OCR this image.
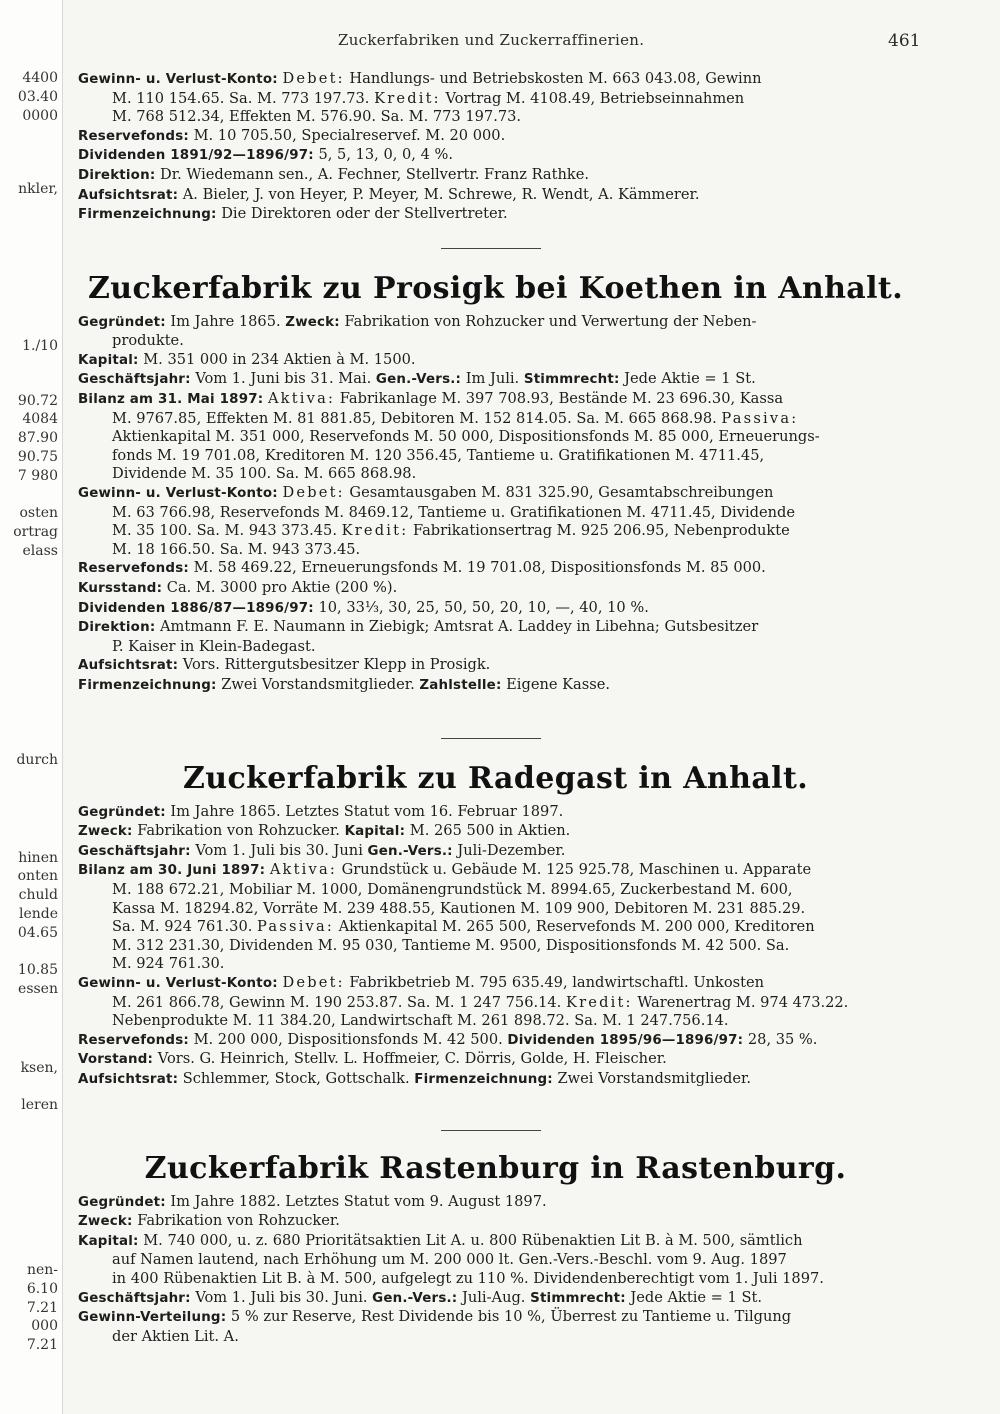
4400
03.40
0000
nkler,
1./10
90.72
4084
87.90
90.75
7 980
osten
ortrag
elass
durch
hinen
onten
chuld
lende
04.65
10.85
essen
ksen,
leren
nen-
6.10
7.21
000
7.21
Zuckerfabriken und Zuckerraffinerien.	461

Gewinn- u. Verlust-Konto: Debet: Handlungs- und Betriebskosten M. 663 043.08, Gewinn
M. 110 154.65. Sa. M. 773 197.73. Kredit: Vortrag M. 4108.49, Betriebseinnahmen
M. 768 512.34, Effekten M. 576.90. Sa. M. 773 197.73.

Reservefonds: M. 10 705.50, Specialreservef. M. 20 000.

Dividenden 1891/92—1896/97: 5, 5, 13, 0, 0, 4 %.

Direktion: Dr. Wiedemann sen., A. Fechner, Stellvertr. Franz Rathke.

Aufsichtsrat: A. Bieler, J. von Heyer, P. Meyer, M. Schrewe, R. Wendt, A. Kämmerer.

Firmenzeichnung: Die Direktoren oder der Stellvertreter.

Zuckerfabrik zu Prosigk bei Koethen in Anhalt.

Gegründet: Im Jahre 1865. Zweck: Fabrikation von Rohzucker und Verwertung der Neben-
produkte.

Kapital: M. 351 000 in 234 Aktien à M. 1500.

Geschäftsjahr: Vom 1. Juni bis 31. Mai. Gen.-Vers.: Im Juli. Stimmrecht: Jede Aktie = 1 St.

Bilanz am 31. Mai 1897: Aktiva: Fabrikanlage M. 397 708.93, Bestände M. 23 696.30, Kassa
M. 9767.85, Effekten M. 81 881.85, Debitoren M. 152 814.05. Sa. M. 665 868.98. Passiva:
Aktienkapital M. 351 000, Reservefonds M. 50 000, Dispositionsfonds M. 85 000, Erneuerungs-
fonds M. 19 701.08, Kreditoren M. 120 356.45, Tantieme u. Gratifikationen M. 4711.45,
Dividende M. 35 100. Sa. M. 665 868.98.

Gewinn- u. Verlust-Konto: Debet: Gesamtausgaben M. 831 325.90, Gesamtabschreibungen
M. 63 766.98, Reservefonds M. 8469.12, Tantieme u. Gratifikationen M. 4711.45, Dividende
M. 35 100. Sa. M. 943 373.45. Kredit: Fabrikationsertrag M. 925 206.95, Nebenprodukte
M. 18 166.50. Sa. M. 943 373.45.

Reservefonds: M. 58 469.22, Erneuerungsfonds M. 19 701.08, Dispositionsfonds M. 85 000.

Kursstand: Ca. M. 3000 pro Aktie (200 %).

Dividenden 1886/87—1896/97: 10, 33⅓, 30, 25, 50, 50, 20, 10, —, 40, 10 %.

Direktion: Amtmann F. E. Naumann in Ziebigk; Amtsrat A. Laddey in Libehna; Gutsbesitzer
P. Kaiser in Klein-Badegast.

Aufsichtsrat: Vors. Rittergutsbesitzer Klepp in Prosigk.

Firmenzeichnung: Zwei Vorstandsmitglieder. Zahlstelle: Eigene Kasse.

Zuckerfabrik zu Radegast in Anhalt.

Gegründet: Im Jahre 1865. Letztes Statut vom 16. Februar 1897.

Zweck: Fabrikation von Rohzucker. Kapital: M. 265 500 in Aktien.

Geschäftsjahr: Vom 1. Juli bis 30. Juni Gen.-Vers.: Juli-Dezember.

Bilanz am 30. Juni 1897: Aktiva: Grundstück u. Gebäude M. 125 925.78, Maschinen u. Apparate
M. 188 672.21, Mobiliar M. 1000, Domänengrundstück M. 8994.65, Zuckerbestand M. 600,
Kassa M. 18294.82, Vorräte M. 239 488.55, Kautionen M. 109 900, Debitoren M. 231 885.29.
Sa. M. 924 761.30. Passiva: Aktienkapital M. 265 500, Reservefonds M. 200 000, Kreditoren
M. 312 231.30, Dividenden M. 95 030, Tantieme M. 9500, Dispositionsfonds M. 42 500. Sa.
M. 924 761.30.

Gewinn- u. Verlust-Konto: Debet: Fabrikbetrieb M. 795 635.49, landwirtschaftl. Unkosten
M. 261 866.78, Gewinn M. 190 253.87. Sa. M. 1 247 756.14. Kredit: Warenertrag M. 974 473.22.
Nebenprodukte M. 11 384.20, Landwirtschaft M. 261 898.72. Sa. M. 1 247.756.14.

Reservefonds: M. 200 000, Dispositionsfonds M. 42 500. Dividenden 1895/96—1896/97: 28, 35 %.

Vorstand: Vors. G. Heinrich, Stellv. L. Hoffmeier, C. Dörris, Golde, H. Fleischer.

Aufsichtsrat: Schlemmer, Stock, Gottschalk. Firmenzeichnung: Zwei Vorstandsmitglieder.

Zuckerfabrik Rastenburg in Rastenburg.

Gegründet: Im Jahre 1882. Letztes Statut vom 9. August 1897.

Zweck: Fabrikation von Rohzucker.

Kapital: M. 740 000, u. z. 680 Prioritätsaktien Lit A. u. 800 Rübenaktien Lit B. à M. 500, sämtlich
auf Namen lautend, nach Erhöhung um M. 200 000 lt. Gen.-Vers.-Beschl. vom 9. Aug. 1897
in 400 Rübenaktien Lit B. à M. 500, aufgelegt zu 110 %. Dividendenberechtigt vom 1. Juli 1897.

Geschäftsjahr: Vom 1. Juli bis 30. Juni. Gen.-Vers.: Juli-Aug. Stimmrecht: Jede Aktie = 1 St.

Gewinn-Verteilung: 5 % zur Reserve, Rest Dividende bis 10 %, Überrest zu Tantieme u. Tilgung
der Aktien Lit. A.
